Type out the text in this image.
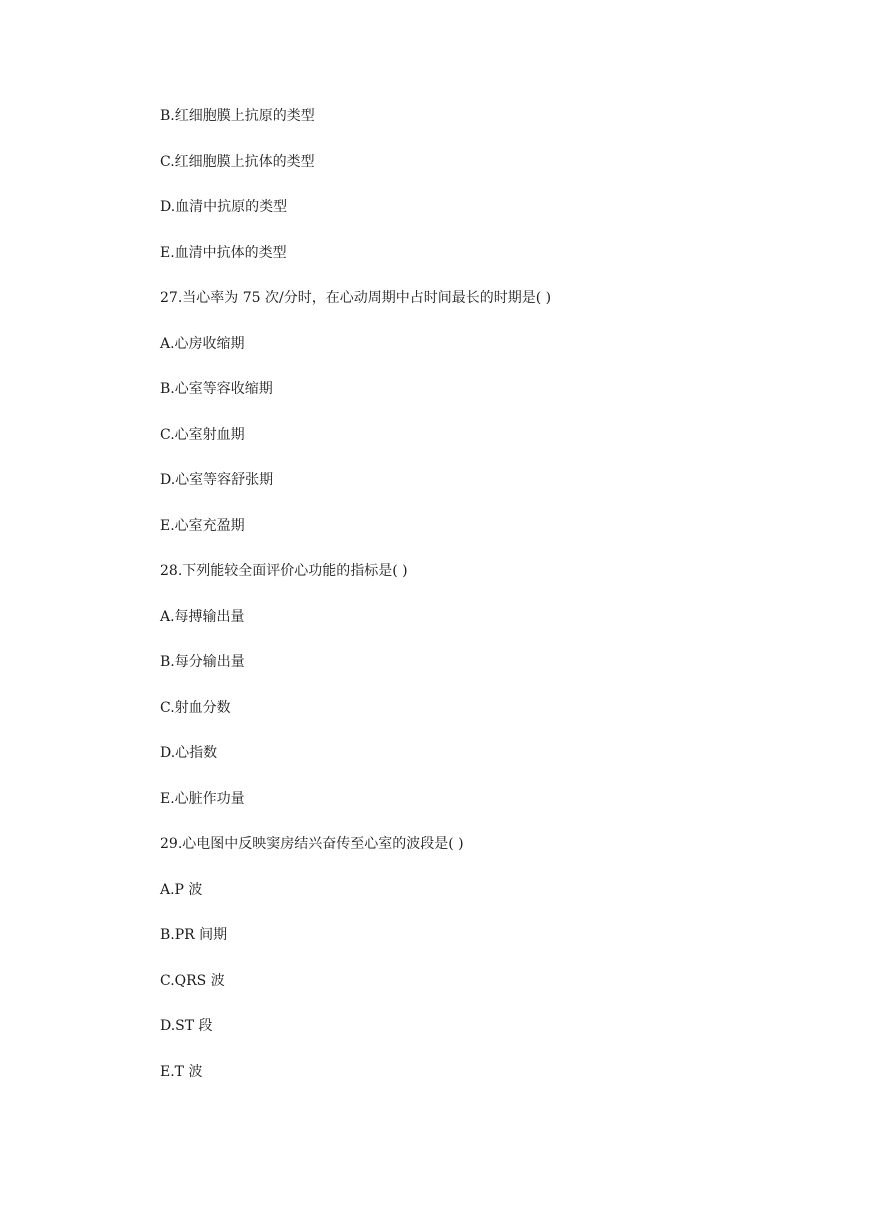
B.红细胞膜上抗原的类型
C.红细胞膜上抗体的类型
D.血清中抗原的类型
E.血清中抗体的类型
27.当心率为 75 次/分时，在心动周期中占时间最长的时期是( )
A.心房收缩期
B.心室等容收缩期
C.心室射血期
D.心室等容舒张期
E.心室充盈期
28.下列能较全面评价心功能的指标是( )
A.每搏输出量
B.每分输出量
C.射血分数
D.心指数
E.心脏作功量
29.心电图中反映窦房结兴奋传至心室的波段是( )
A.P 波
B.PR 间期
C.QRS 波
D.ST 段
E.T 波
